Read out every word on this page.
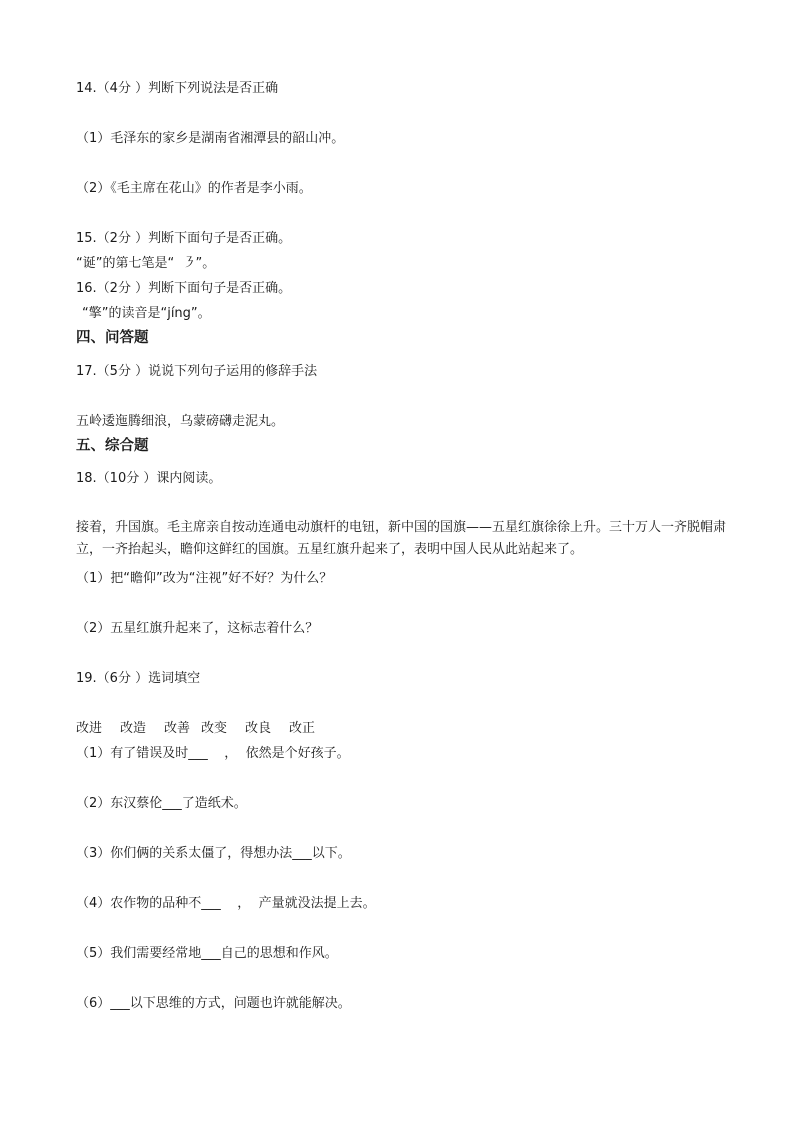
14.（4分 ）判断下列说法是否正确

（1）毛泽东的家乡是湖南省湘潭县的韶山冲。

（2）《毛主席在花山》的作者是李小雨。

15.（2分 ）判断下面句子是否正确。

“诞”的第七笔是“  ㇋”。

16.（2分 ）判断下面句子是否正确。

“擎”的读音是“jíng”。

四、问答题

17.（5分 ）说说下列句子运用的修辞手法

五岭逶迤腾细浪，乌蒙磅礴走泥丸。

五、综合题

18.（10分 ）课内阅读。

接着，升国旗。毛主席亲自按动连通电动旗杆的电钮，新中国的国旗——五星红旗徐徐上升。三十万人一齐脱帽肃立，一齐抬起头，瞻仰这鲜红的国旗。五星红旗升起来了，表明中国人民从此站起来了。

（1）把“瞻仰”改为“注视”好不好？为什么？

（2）五星红旗升起来了，这标志着什么？

19.（6分 ）选词填空

改进	改造	改善 改变	改良	改正

（1）有了错误及时___    ，  依然是个好孩子。

（2）东汉蔡伦___了造纸术。

（3）你们俩的关系太僵了，得想办法___以下。

（4）农作物的品种不___    ，  产量就没法提上去。

（5）我们需要经常地___自己的思想和作风。

（6）___以下思维的方式，问题也许就能解决。
